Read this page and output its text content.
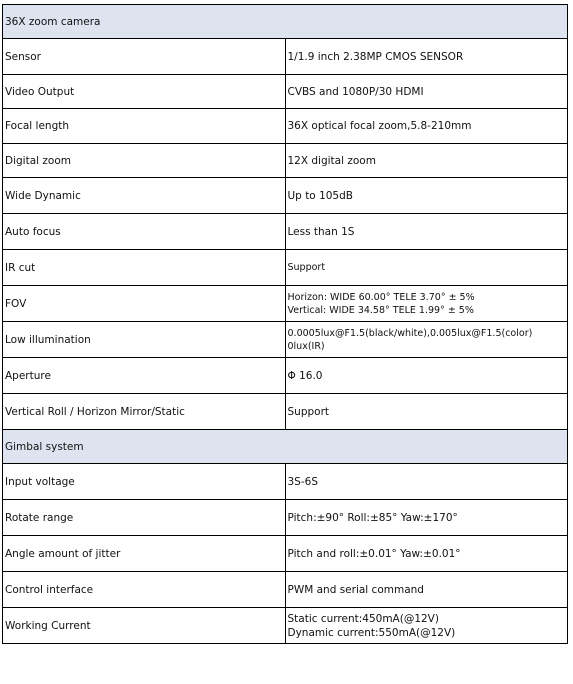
36X zoom camera	
Sensor	1/1.9 inch 2.38MP CMOS SENSOR
Video Output	CVBS and 1080P/30 HDMI
Focal length	36X optical focal zoom,5.8-210mm
Digital zoom	12X digital zoom
Wide Dynamic	Up to 105dB
Auto focus	Less than 1S
IR cut	Support
FOV	Horizon: WIDE 60.00° TELE 3.70° ± 5%
Vertical: WIDE 34.58° TELE 1.99° ± 5%

Low illumination	0.0005lux@F1.5(black/white),0.005lux@F1.5(color)
0lux(IR)

Aperture	Φ 16.0
Vertical Roll / Horizon Mirror/Static	Support
Gimbal system	
Input voltage	3S-6S
Rotate range	Pitch:±90° Roll:±85° Yaw:±170°
Angle amount of jitter	Pitch and roll:±0.01° Yaw:±0.01°
Control interface	PWM and serial command
Working Current	Static current:450mA(@12V)
Dynamic current:550mA(@12V)
